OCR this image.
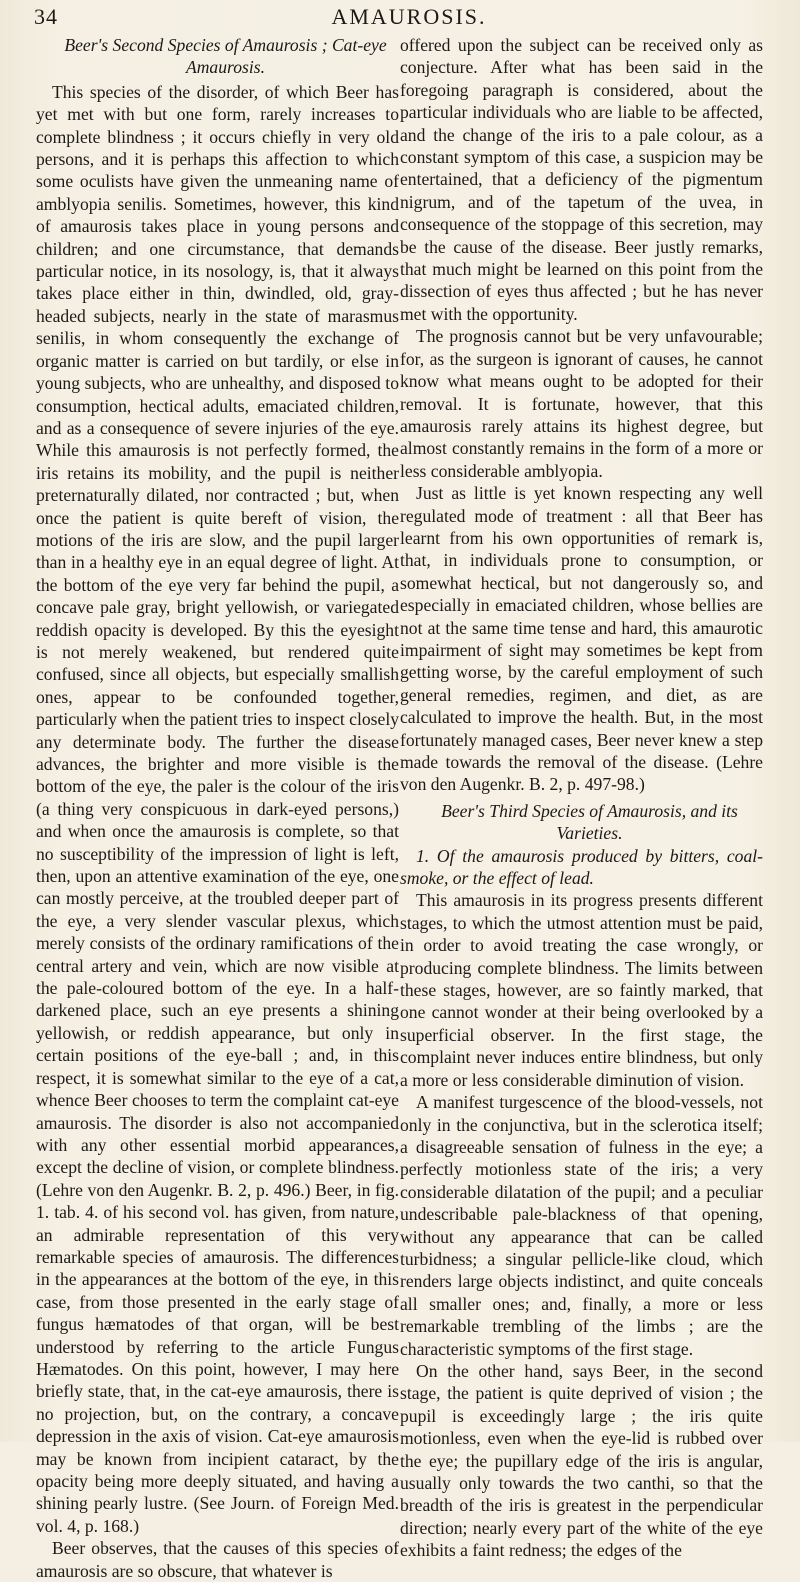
34	AMAUROSIS.

Beer's Second Species of Amaurosis ; Cat-eye

Amaurosis.

This species of the disorder, of which Beer has yet met with but one form, rarely increases to complete blindness ; it occurs chiefly in very old persons, and it is perhaps this affection to which some oculists have given the unmeaning name of amblyopia senilis. Sometimes, however, this kind of amaurosis takes place in young persons and children; and one circumstance, that demands particular notice, in its nosology, is, that it always takes place either in thin, dwindled, old, gray-headed subjects, nearly in the state of marasmus senilis, in whom consequently the exchange of organic matter is carried on but tardily, or else in young subjects, who are unhealthy, and disposed to consumption, hectical adults, emaciated children, and as a consequence of severe injuries of the eye. While this amaurosis is not perfectly formed, the iris retains its mobility, and the pupil is neither preternaturally dilated, nor contracted ; but, when once the patient is quite bereft of vision, the motions of the iris are slow, and the pupil larger than in a healthy eye in an equal degree of light. At the bottom of the eye very far behind the pupil, a concave pale gray, bright yellowish, or variegated reddish opacity is developed. By this the eyesight is not merely weakened, but rendered quite confused, since all objects, but especially smallish ones, appear to be confounded together, particularly when the patient tries to inspect closely any determinate body. The further the disease advances, the brighter and more visible is the bottom of the eye, the paler is the colour of the iris (a thing very conspicuous in dark-eyed persons,) and when once the amaurosis is complete, so that no susceptibility of the impression of light is left, then, upon an attentive examination of the eye, one can mostly perceive, at the troubled deeper part of the eye, a very slender vascular plexus, which merely consists of the ordinary ramifications of the central artery and vein, which are now visible at the pale-coloured bottom of the eye. In a half-darkened place, such an eye presents a shining yellowish, or reddish appearance, but only in certain positions of the eye-ball ; and, in this respect, it is somewhat similar to the eye of a cat, whence Beer chooses to term the complaint cat-eye amaurosis. The disorder is also not accompanied with any other essential morbid appearances, except the decline of vision, or complete blindness. (Lehre von den Augenkr. B. 2, p. 496.) Beer, in fig. 1. tab. 4. of his second vol. has given, from nature, an admirable representation of this very remarkable species of amaurosis. The differences in the appearances at the bottom of the eye, in this case, from those presented in the early stage of fungus hæmatodes of that organ, will be best understood by referring to the article Fungus Hæmatodes. On this point, however, I may here briefly state, that, in the cat-eye amaurosis, there is no projection, but, on the contrary, a concave depression in the axis of vision. Cat-eye amaurosis may be known from incipient cataract, by the opacity being more deeply situated, and having a shining pearly lustre. (See Journ. of Foreign Med. vol. 4, p. 168.)

Beer observes, that the causes of this species of amaurosis are so obscure, that whatever is

offered upon the subject can be received only as conjecture. After what has been said in the foregoing paragraph is considered, about the particular individuals who are liable to be affected, and the change of the iris to a pale colour, as a constant symptom of this case, a suspicion may be entertained, that a deficiency of the pigmentum nigrum, and of the tapetum of the uvea, in consequence of the stoppage of this secretion, may be the cause of the disease. Beer justly remarks, that much might be learned on this point from the dissection of eyes thus affected ; but he has never met with the opportunity.

The prognosis cannot but be very unfavourable; for, as the surgeon is ignorant of causes, he cannot know what means ought to be adopted for their removal. It is fortunate, however, that this amaurosis rarely attains its highest degree, but almost constantly remains in the form of a more or less considerable amblyopia.

Just as little is yet known respecting any well regulated mode of treatment : all that Beer has learnt from his own opportunities of remark is, that, in individuals prone to consumption, or somewhat hectical, but not dangerously so, and especially in emaciated children, whose bellies are not at the same time tense and hard, this amaurotic impairment of sight may sometimes be kept from getting worse, by the careful employment of such general remedies, regimen, and diet, as are calculated to improve the health. But, in the most fortunately managed cases, Beer never knew a step made towards the removal of the disease. (Lehre von den Augenkr. B. 2, p. 497-98.)

Beer's Third Species of Amaurosis, and its

Varieties.

1. Of the amaurosis produced by bitters, coal-smoke, or the effect of lead.

This amaurosis in its progress presents different stages, to which the utmost attention must be paid, in order to avoid treating the case wrongly, or producing complete blindness. The limits between these stages, however, are so faintly marked, that one cannot wonder at their being overlooked by a superficial observer. In the first stage, the complaint never induces entire blindness, but only a more or less considerable diminution of vision.

A manifest turgescence of the blood-vessels, not only in the conjunctiva, but in the sclerotica itself; a disagreeable sensation of fulness in the eye; a perfectly motionless state of the iris; a very considerable dilatation of the pupil; and a peculiar undescribable pale-blackness of that opening, without any appearance that can be called turbidness; a singular pellicle-like cloud, which renders large objects indistinct, and quite conceals all smaller ones; and, finally, a more or less remarkable trembling of the limbs ; are the characteristic symptoms of the first stage.

On the other hand, says Beer, in the second stage, the patient is quite deprived of vision ; the pupil is exceedingly large ; the iris quite motionless, even when the eye-lid is rubbed over the eye; the pupillary edge of the iris is angular, usually only towards the two canthi, so that the breadth of the iris is greatest in the perpendicular direction; nearly every part of the white of the eye exhibits a faint redness; the edges of the
